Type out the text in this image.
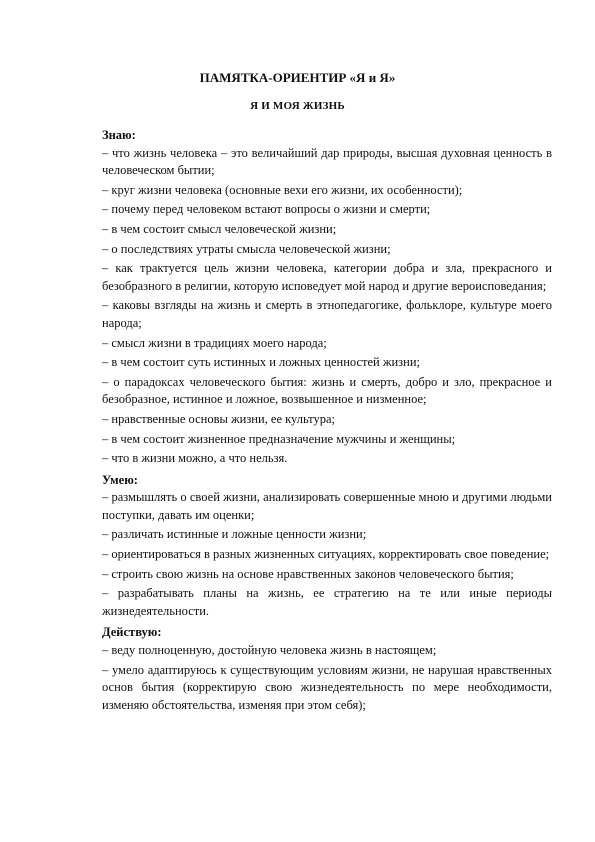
ПАМЯТКА-ОРИЕНТИР «Я и Я»
Я И МОЯ ЖИЗНЬ
Знаю:
– что жизнь человека – это величайший дар природы, высшая духовная ценность в человеческом бытии;
– круг жизни человека (основные вехи его жизни, их особенности);
– почему перед человеком встают вопросы о жизни и смерти;
– в чем состоит смысл человеческой жизни;
– о последствиях утраты смысла человеческой жизни;
– как трактуется цель жизни человека, категории добра и зла, прекрасного и безобразного в религии, которую исповедует мой народ и другие вероисповедания;
– каковы взгляды на жизнь и смерть в этнопедагогике, фольклоре, культуре моего народа;
– смысл жизни в традициях моего народа;
– в чем состоит суть истинных и ложных ценностей жизни;
– о парадоксах человеческого бытия: жизнь и смерть, добро и зло, прекрасное и безобразное, истинное и ложное, возвышенное и низменное;
– нравственные основы жизни, ее культура;
– в чем состоит жизненное предназначение мужчины и женщины;
– что в жизни можно, а что нельзя.
Умею:
– размышлять о своей жизни, анализировать совершенные мною и другими людьми поступки, давать им оценки;
– различать истинные и ложные ценности жизни;
– ориентироваться в разных жизненных ситуациях, корректировать свое поведение;
– строить свою жизнь на основе нравственных законов человеческого бытия;
– разрабатывать планы на жизнь, ее стратегию на те или иные периоды жизнедеятельности.
Действую:
– веду полноценную, достойную человека жизнь в настоящем;
– умело адаптируюсь к существующим условиям жизни, не нарушая нравственных основ бытия (корректирую свою жизнедеятельность по мере необходимости, изменяю обстоятельства, изменяя при этом себя);
